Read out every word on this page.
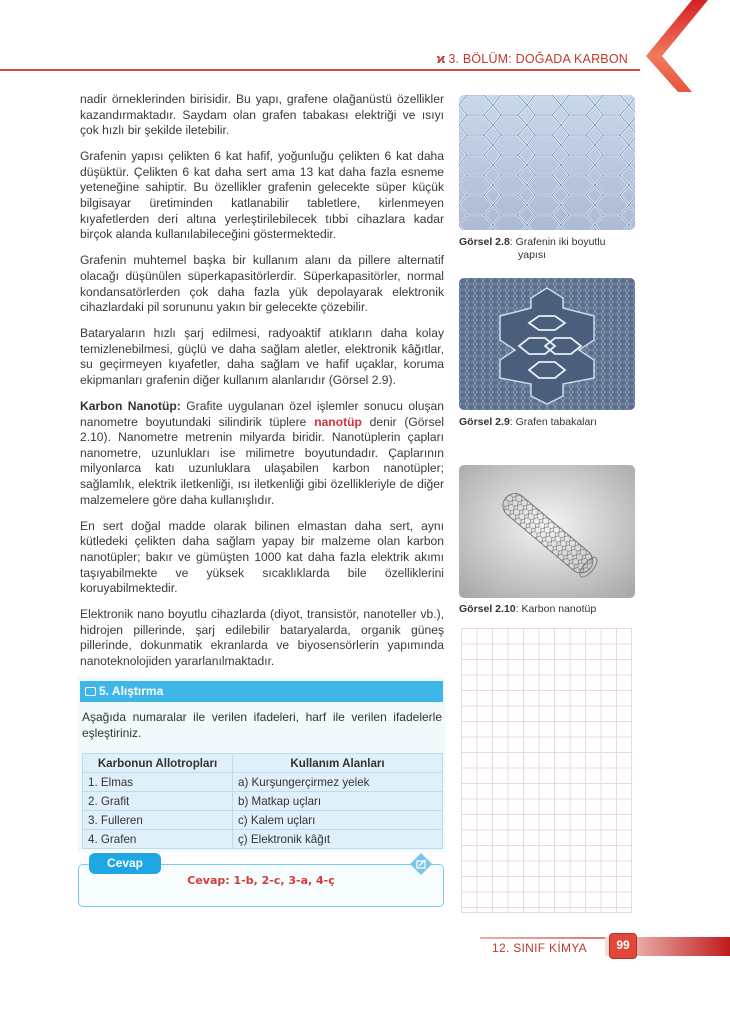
ϰ 3. BÖLÜM: DOĞADA KARBON

nadir örneklerinden birisidir. Bu yapı, grafene olağanüstü özellikler kazandırmaktadır. Saydam olan grafen tabakası elektriği ve ısıyı çok hızlı bir şekilde iletebilir.

Grafenin yapısı çelikten 6 kat hafif, yoğunluğu çelikten 6 kat daha düşüktür. Çelikten 6 kat daha sert ama 13 kat daha fazla esneme yeteneğine sahiptir. Bu özellikler grafenin gelecekte süper küçük bilgisayar üretiminden katlanabilir tabletlere, kirlenmeyen kıyafetlerden deri altına yerleştirilebilecek tıbbi cihazlara kadar birçok alanda kullanılabileceğini göstermektedir.

Grafenin muhtemel başka bir kullanım alanı da pillere alternatif olacağı düşünülen süperkapasitörlerdir. Süperkapasitörler, normal kondansatörlerden çok daha fazla yük depolayarak elektronik cihazlardaki pil sorununu yakın bir gelecekte çözebilir.

Bataryaların hızlı şarj edilmesi, radyoaktif atıkların daha kolay temizlenebilmesi, güçlü ve daha sağlam aletler, elektronik kâğıtlar, su geçirmeyen kıyafetler, daha sağlam ve hafif uçaklar, koruma ekipmanları grafenin diğer kullanım alanlarıdır (Görsel 2.9).

Karbon Nanotüp: Grafite uygulanan özel işlemler sonucu oluşan nanometre boyutundaki silindirik tüplere nanotüp denir (Görsel 2.10). Nanometre metrenin milyarda biridir. Nanotüplerin çapları nanometre, uzunlukları ise milimetre boyutundadır. Çaplarının milyonlarca katı uzunluklara ulaşabilen karbon nanotüpler; sağlamlık, elektrik iletkenliği, ısı iletkenliği gibi özellikleriyle de diğer malzemelere göre daha kullanışlıdır.

En sert doğal madde olarak bilinen elmastan daha sert, aynı kütledeki çelikten daha sağlam yapay bir malzeme olan karbon nanotüpler; bakır ve gümüşten 1000 kat daha fazla elektrik akımı taşıyabilmekte ve yüksek sıcaklıklarda bile özelliklerini koruyabilmektedir.

Elektronik nano boyutlu cihazlarda (diyot, transistör, nanoteller vb.), hidrojen pillerinde, şarj edilebilir bataryalarda, organik güneş pillerinde, dokunmatik ekranlarda ve biyosensörlerin yapımında nanoteknolojiden yararlanılmaktadır.

Görsel 2.8: Grafenin iki boyutlu
yapısı
Görsel 2.9: Grafen tabakaları
Görsel 2.10: Karbon nanotüp
5. Alıştırma
Aşağıda numaralar ile verilen ifadeleri, harf ile verilen ifadelerle eşleştiriniz.
Karbonun Allotropları	Kullanım Alanları
1. Elmas	a) Kurşungerçirmez yelek
2. Grafit	b) Matkap uçları
3. Fulleren	c) Kalem uçları
4. Grafen	ç) Elektronik kâğıt
Cevap
Cevap: 1-b, 2-c, 3-a, 4-ç
12. SINIF KİMYA	99
